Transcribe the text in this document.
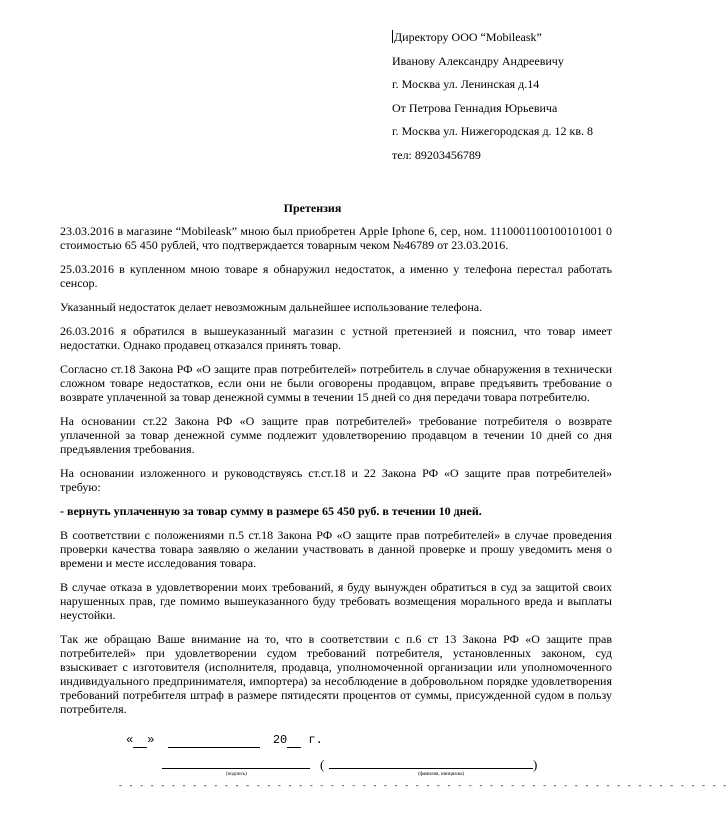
Директору ООО “Mobileask”
Иванову Александру Андреевичу
г. Москва ул. Ленинская д.14
От Петрова Геннадия Юрьевича
г. Москва ул. Нижегородская д. 12 кв. 8
тел: 89203456789
Претензия

23.03.2016 в магазине “Mobileask” мною был приобретен Apple Iphone 6, сер, ном. 1110001100100101001 0 стоимостью 65 450 рублей, что подтверждается товарным чеком №46789 от 23.03.2016.

25.03.2016 в купленном мною товаре я обнаружил недостаток, а именно у телефона перестал работать сенсор.

Указанный недостаток делает невозможным дальнейшее использование телефона.

26.03.2016 я обратился в вышеуказанный магазин с устной претензией и пояснил, что товар имеет недостатки. Однако продавец отказался принять товар.

Согласно ст.18 Закона РФ «О защите прав потребителей» потребитель в случае обнаружения в технически сложном товаре недостатков, если они не были оговорены продавцом, вправе предъявить требование о возврате уплаченной за товар денежной суммы в течении 15 дней со дня передачи товара потребителю.

На основании ст.22 Закона РФ «О защите прав потребителей» требование потребителя о возврате уплаченной за товар денежной сумме подлежит удовлетворению продавцом в течении 10 дней со дня предъявления требования.

На основании изложенного и руководствуясь ст.ст.18 и 22 Закона РФ «О защите прав потребителей» требую:

- вернуть уплаченную за товар сумму в размере 65 450 руб. в течении 10 дней.

В соответствии с положениями п.5 ст.18 Закона РФ «О защите прав потребителей» в случае проведения проверки качества товара заявляю о желании участвовать в данной проверке и прошу уведомить меня о времени и месте исследования товара.

В случае отказа в удовлетворении моих требований, я буду вынужден обратиться в суд за защитой своих нарушенных прав, где помимо вышеуказанного буду требовать возмещения морального вреда и выплаты неустойки.

Так же обращаю Ваше внимание на то, что в соответствии с п.6 ст 13 Закона РФ «О защите прав потребителей» при удовлетворении судом требований потребителя, установленных законом, суд взыскивает с изготовителя (исполнителя, продавца, уполномоченной организации или уполномоченного индивидуального предпринимателя, импортера) за несоблюдение в добровольном порядке удовлетворения требований потребителя штраф в размере пятидесяти процентов от суммы, присужденной судом в пользу потребителя.

« »	20 г.
(	)
(подпись)	(фамилия, инициалы)
- - - - - - - - - - - - - - - - - - - - - - - - - - - - - - - - - - - - - - - - - - - - - - - - - - - - - - - - - -
